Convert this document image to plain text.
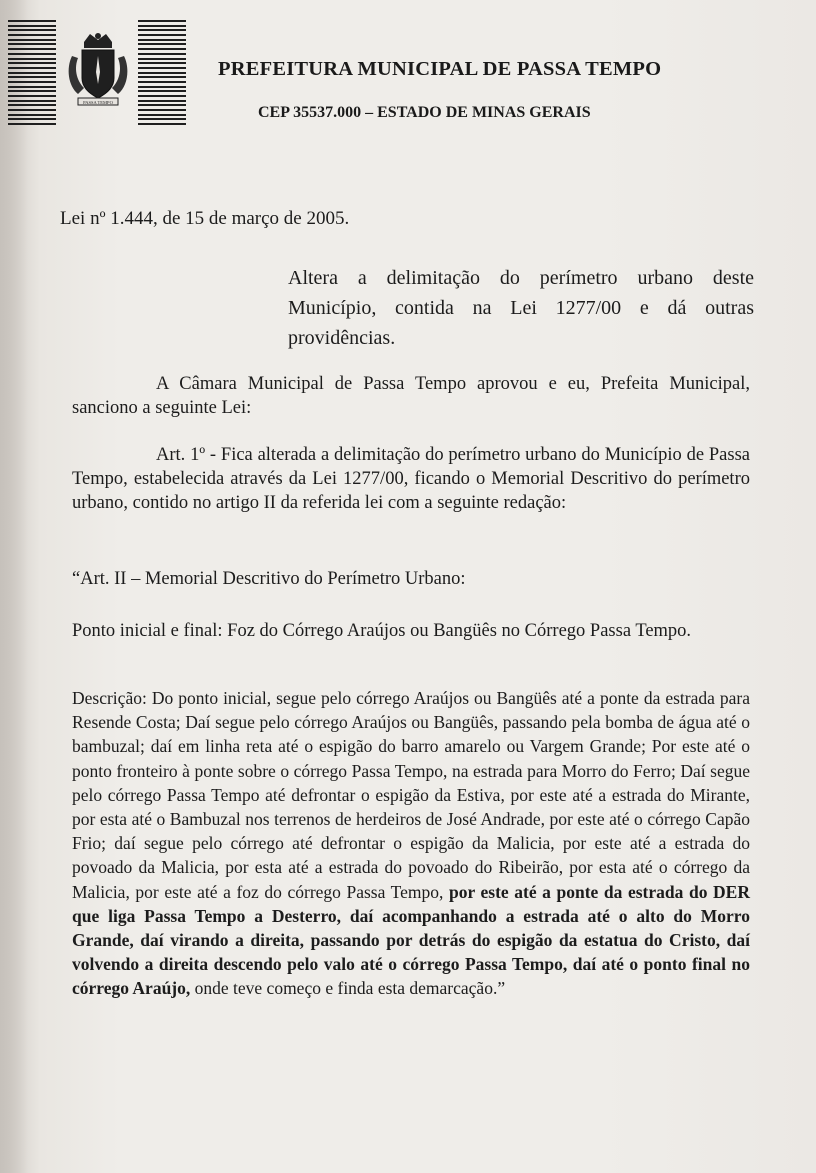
PASSA TEMPO
PREFEITURA MUNICIPAL DE PASSA TEMPO
CEP 35537.000 – ESTADO DE MINAS GERAIS
Lei nº 1.444, de 15 de março de 2005.
Altera a delimitação do perímetro urbano deste Município, contida na Lei 1277/00 e dá outras providências.
A Câmara Municipal de Passa Tempo aprovou e eu, Prefeita Municipal, sanciono a seguinte Lei:
Art. 1º - Fica alterada a delimitação do perímetro urbano do Município de Passa Tempo, estabelecida através da Lei 1277/00, ficando o Memorial Descritivo do perímetro urbano, contido no artigo II da referida lei com a seguinte redação:
“Art. II – Memorial Descritivo do Perímetro Urbano:
Ponto inicial e final: Foz do Córrego Araújos ou Bangüês no Córrego Passa Tempo.
Descrição: Do ponto inicial, segue pelo córrego Araújos ou Bangüês até a ponte da estrada para Resende Costa; Daí segue pelo córrego Araújos ou Bangüês, passando pela bomba de água até o bambuzal; daí em linha reta até o espigão do barro amarelo ou Vargem Grande; Por este até o ponto fronteiro à ponte sobre o córrego Passa Tempo, na estrada para Morro do Ferro; Daí segue pelo córrego Passa Tempo até defrontar o espigão da Estiva, por este até a estrada do Mirante, por esta até o Bambuzal nos terrenos de herdeiros de José Andrade, por este até o córrego Capão Frio; daí segue pelo córrego até defrontar o espigão da Malicia, por este até a estrada do povoado da Malicia, por esta até a estrada do povoado do Ribeirão, por esta até o córrego da Malicia, por este até a foz do córrego Passa Tempo, por este até a ponte da estrada do DER que liga Passa Tempo a Desterro, daí acompanhando a estrada até o alto do Morro Grande, daí virando a direita, passando por detrás do espigão da estatua do Cristo, daí volvendo a direita descendo pelo valo até o córrego Passa Tempo, daí até o ponto final no córrego Araújo, onde teve começo e finda esta demarcação.”
